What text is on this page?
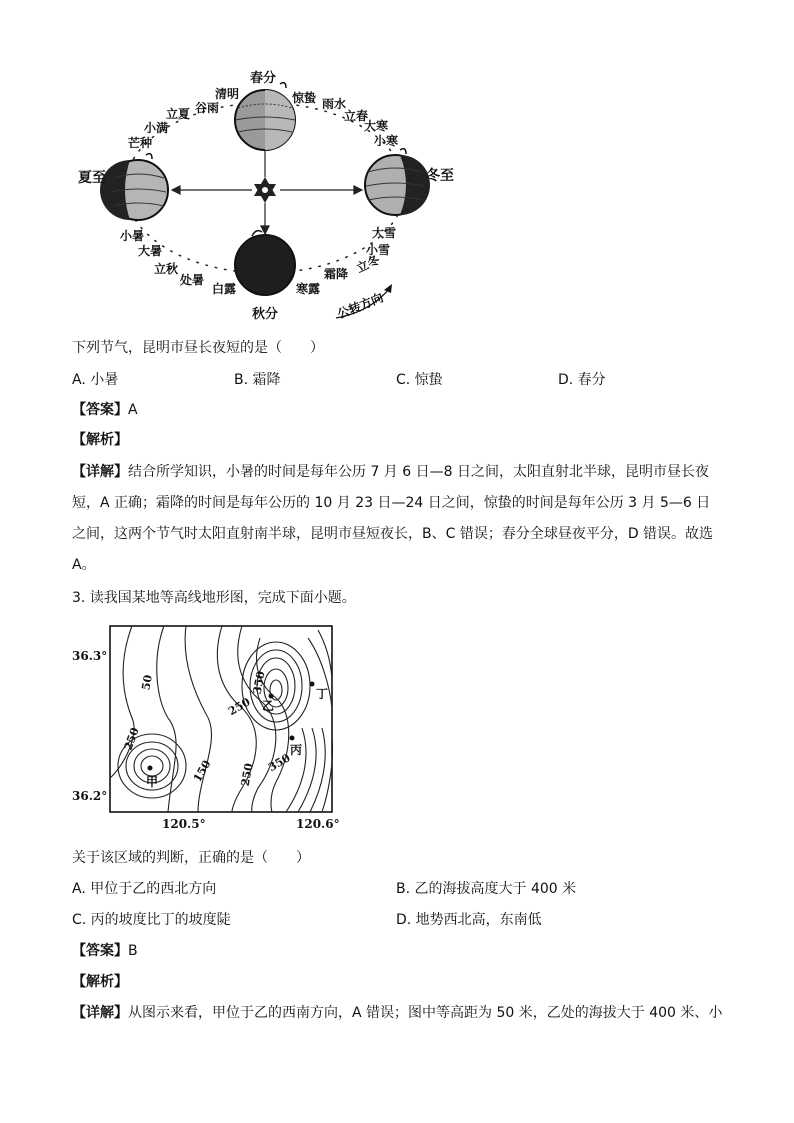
春分
清明
谷雨
立夏
小满
芒种
夏至
小暑
大暑
立秋
处暑
白露
秋分
寒露
霜降 立冬
小雪
大雪
冬至
小寒
大寒
立春
雨水
惊蛰
公转方向
下列节气，昆明市昼长夜短的是（　　）
A. 小暑	B. 霜降	C. 惊蛰	D. 春分
【答案】A
【解析】
【详解】结合所学知识，小暑的时间是每年公历 7 月 6 日—8 日之间，太阳直射北半球，昆明市昼长夜短，A 正确；霜降的时间是每年公历的 10 月 23 日—24 日之间，惊蛰的时间是每年公历 3 月 5—6 日之间，这两个节气时太阳直射南半球，昆明市昼短夜长，B、C 错误；春分全球昼夜平分，D 错误。故选 A。
3. 读我国某地等高线地形图，完成下面小题。
甲
乙
丙
丁
50
250
350
250
150 250 350
36.3°
36.2°
120.5°	120.6°
关于该区域的判断，正确的是（　　）
A. 甲位于乙的西北方向	B. 乙的海拔高度大于 400 米
C. 丙的坡度比丁的坡度陡	D. 地势西北高，东南低
【答案】B
【解析】
【详解】从图示来看，甲位于乙的西南方向，A 错误；图中等高距为 50 米，乙处的海拔大于 400 米、小
